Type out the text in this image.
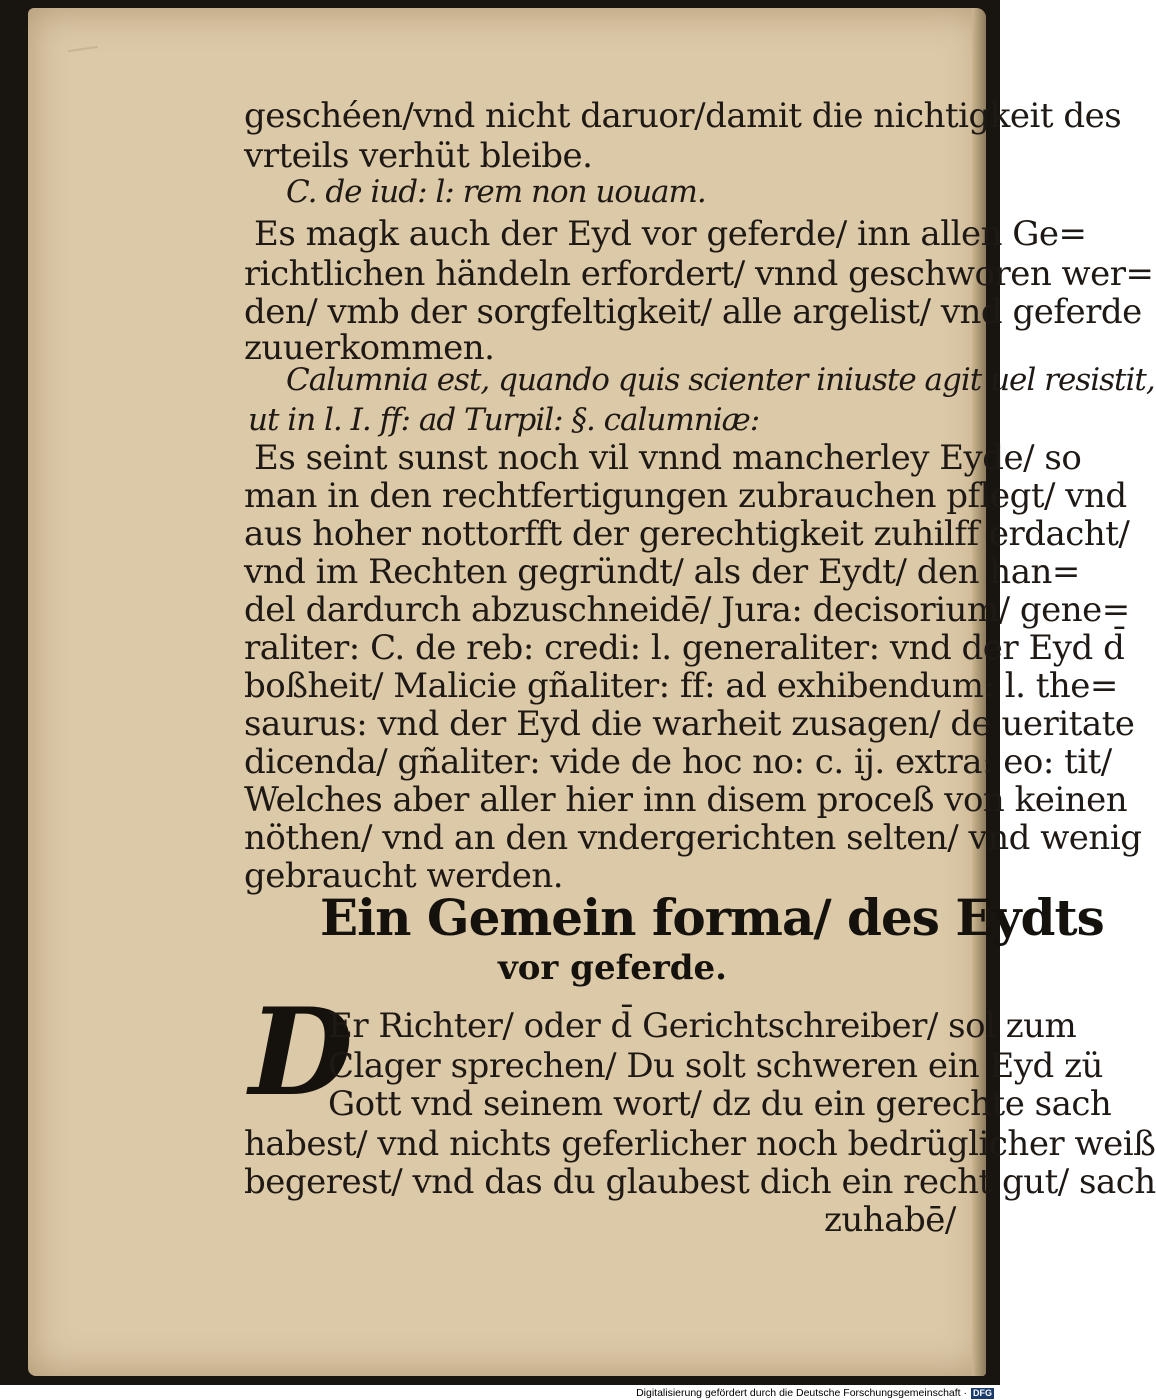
geschéen/vnd nicht daruor/damit die nichtigkeit des
vrteils verhüt bleibe.
C. de iud: l: rem non uouam.
Es magk auch der Eyd vor geferde/ inn allen Ge=
richtlichen händeln erfordert/ vnnd geschworen wer=
den/ vmb der sorgfeltigkeit/ alle argelist/ vnd geferde
zuuerkommen.
Calumnia est, quando quis scienter iniuste agit uel resistit,
ut in l. I. ff: ad Turpil: §. calumniæ:
Es seint sunst noch vil vnnd mancherley Eyde/ so
man in den rechtfertigungen zubrauchen pflegt/ vnd
aus hoher nottorfft der gerechtigkeit zuhilff erdacht/
vnd im Rechten gegründt/ als der Eydt/ den han=
del dardurch abzuschneidē/ Jura: decisorium/ gene=
raliter: C. de reb: credi: l. generaliter: vnd der Eyd d̄
boßheit/ Malicie gñaliter: ff: ad exhibendum: l. the=
saurus: vnd der Eyd die warheit zusagen/ de ueritate
dicenda/ gñaliter: vide de hoc no: c. ij. extra: eo: tit/
Welches aber aller hier inn disem proceß von keinen
nöthen/ vnd an den vndergerichten selten/ vnd wenig
gebraucht werden.
Ein Gemein forma/ des Eydts
vor geferde.
D
Er Richter/ oder d̄ Gerichtschreiber/ sol zum
Clager sprechen/ Du solt schweren ein Eyd zü
Gott vnd seinem wort/ dz du ein gerechte sach
habest/ vnd nichts geferlicher noch bedrüglicher weiß
begerest/ vnd das du glaubest dich ein recht gut/ sach
zuhabē/
Digitalisierung gefördert durch die Deutsche Forschungsgemeinschaft · DFG
